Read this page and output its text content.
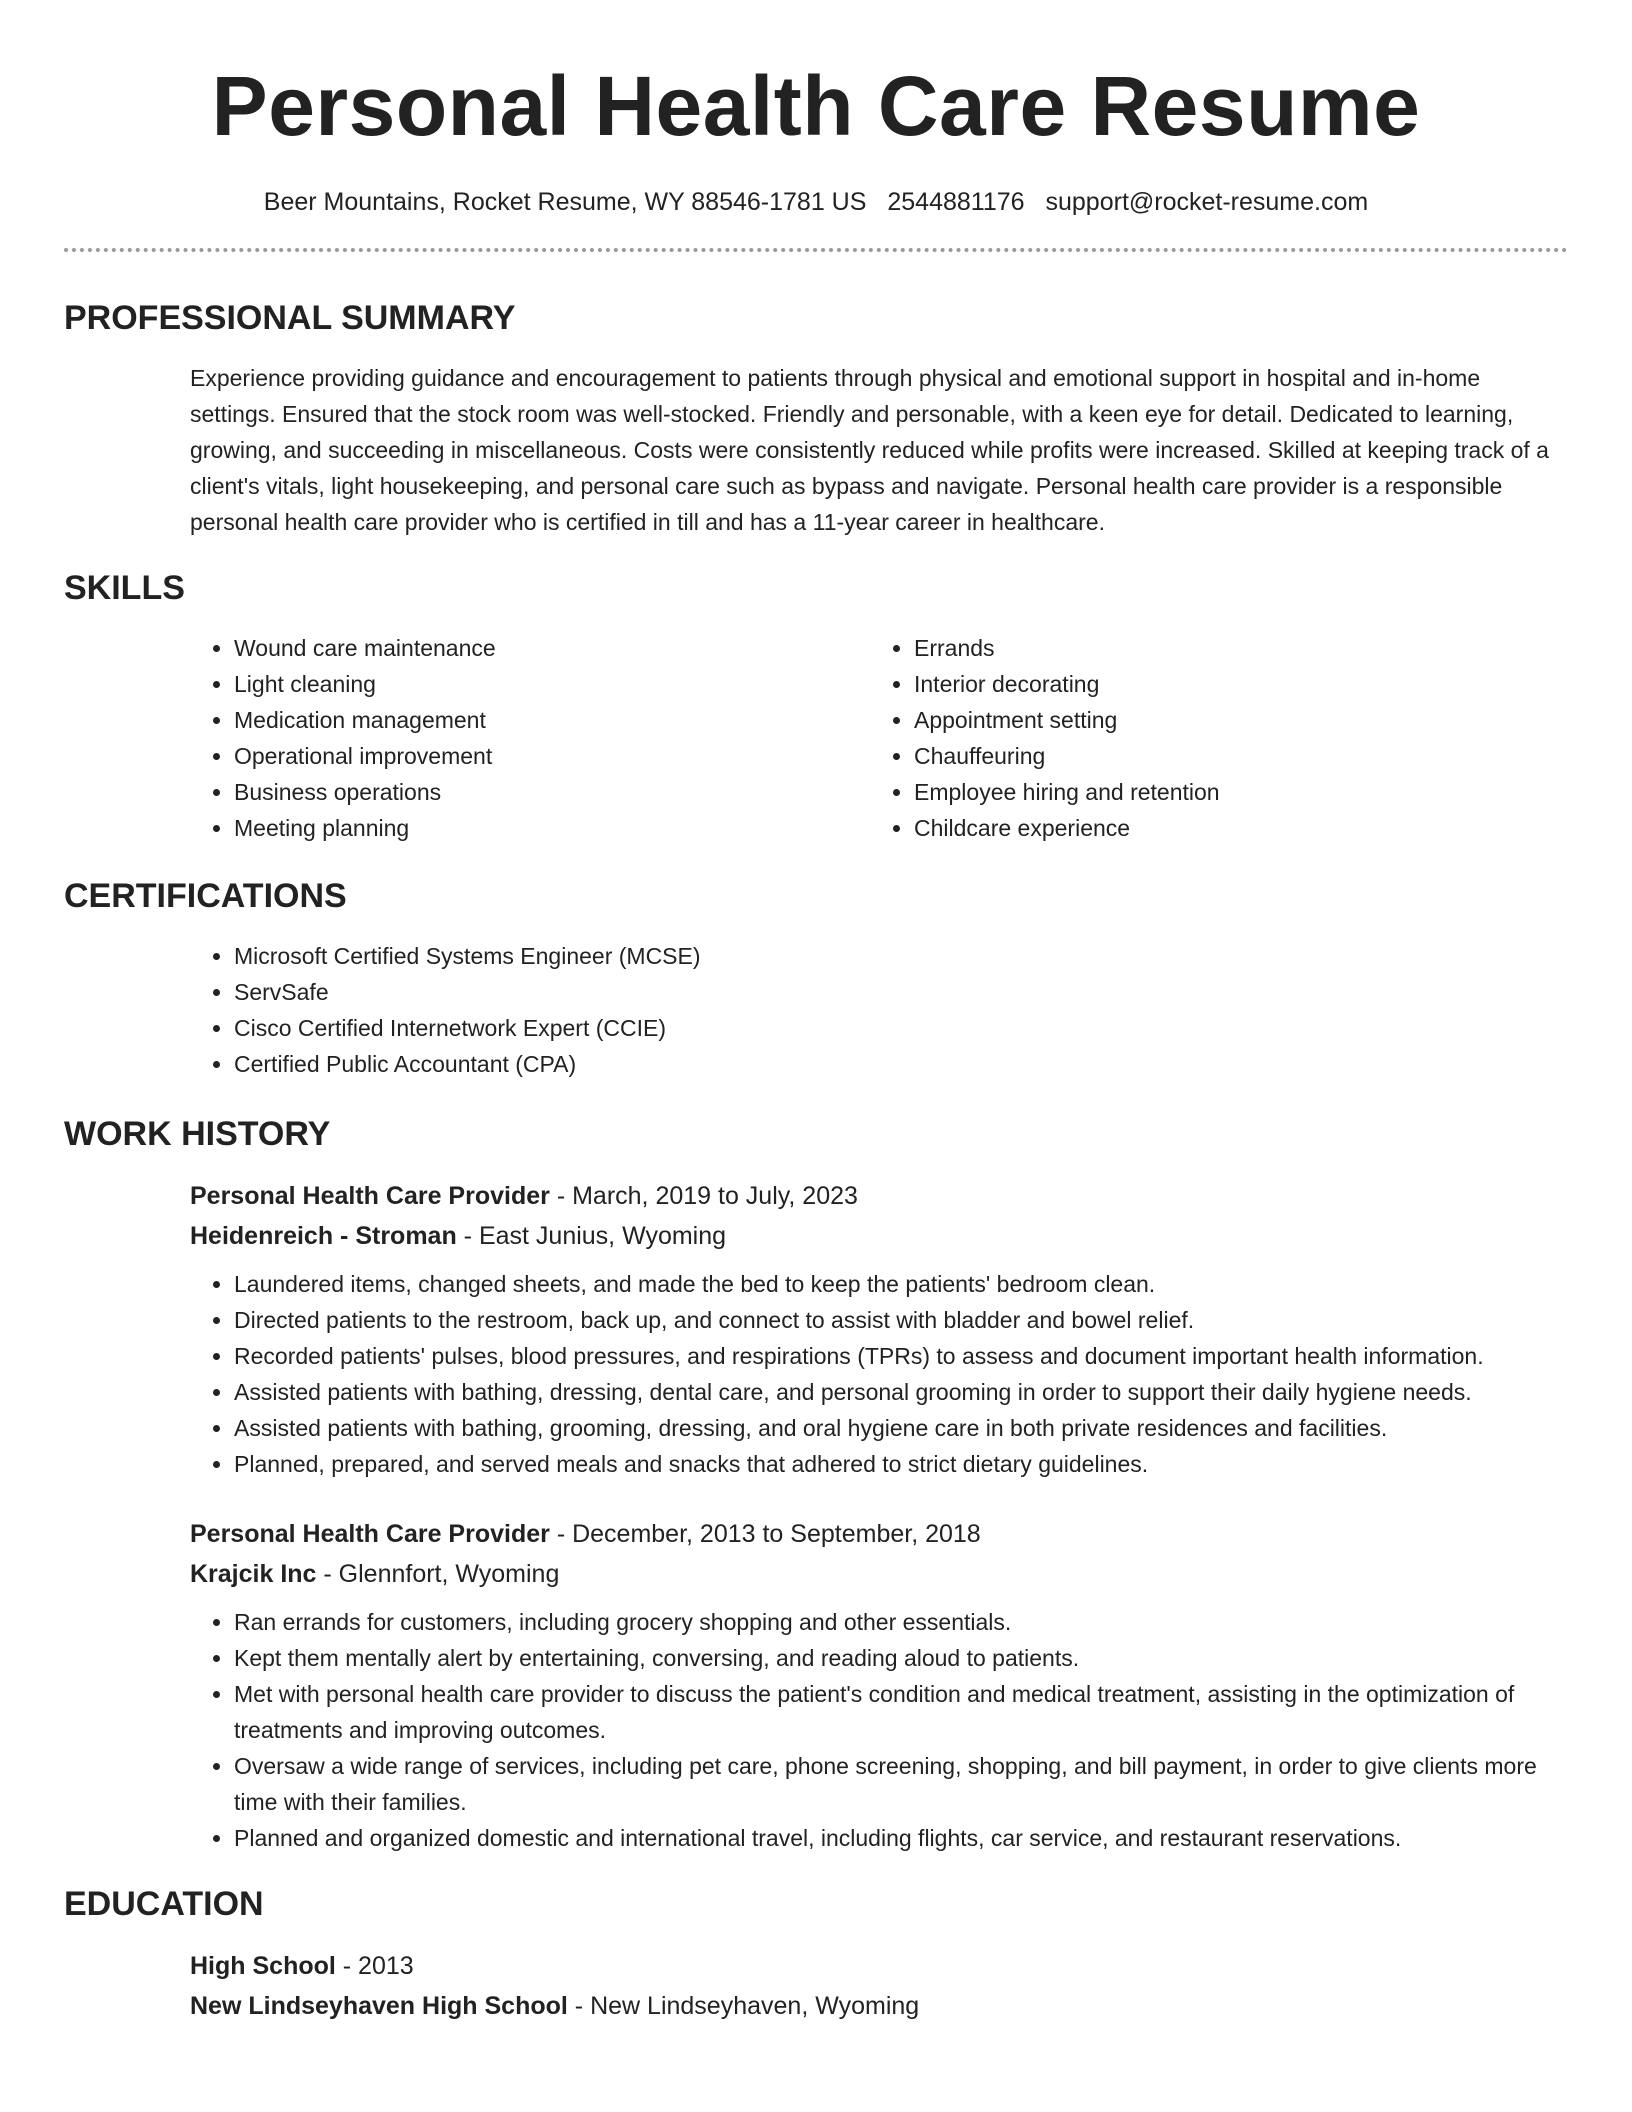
Personal Health Care Resume
Beer Mountains, Rocket Resume, WY 88546-1781 US 2544881176 support@rocket-resume.com
PROFESSIONAL SUMMARY

Experience providing guidance and encouragement to patients through physical and emotional support in hospital and in-home settings. Ensured that the stock room was well-stocked. Friendly and personable, with a keen eye for detail. Dedicated to learning, growing, and succeeding in miscellaneous. Costs were consistently reduced while profits were increased. Skilled at keeping track of a client's vitals, light housekeeping, and personal care such as bypass and navigate. Personal health care provider is a responsible personal health care provider who is certified in till and has a 11-year career in healthcare.

SKILLS
• Wound care maintenance
• Light cleaning
• Medication management
• Operational improvement
• Business operations
• Meeting planning
• Errands
• Interior decorating
• Appointment setting
• Chauffeuring
• Employee hiring and retention
• Childcare experience
CERTIFICATIONS
• Microsoft Certified Systems Engineer (MCSE)
• ServSafe
• Cisco Certified Internetwork Expert (CCIE)
• Certified Public Accountant (CPA)
WORK HISTORY
Personal Health Care Provider - March, 2019 to July, 2023
Heidenreich - Stroman - East Junius, Wyoming
• Laundered items, changed sheets, and made the bed to keep the patients' bedroom clean.
• Directed patients to the restroom, back up, and connect to assist with bladder and bowel relief.
• Recorded patients' pulses, blood pressures, and respirations (TPRs) to assess and document important health information.
• Assisted patients with bathing, dressing, dental care, and personal grooming in order to support their daily hygiene needs.
• Assisted patients with bathing, grooming, dressing, and oral hygiene care in both private residences and facilities.
• Planned, prepared, and served meals and snacks that adhered to strict dietary guidelines.
Personal Health Care Provider - December, 2013 to September, 2018
Krajcik Inc - Glennfort, Wyoming
• Ran errands for customers, including grocery shopping and other essentials.
• Kept them mentally alert by entertaining, conversing, and reading aloud to patients.
• Met with personal health care provider to discuss the patient's condition and medical treatment, assisting in the optimization of treatments and improving outcomes.
• Oversaw a wide range of services, including pet care, phone screening, shopping, and bill payment, in order to give clients more time with their families.
• Planned and organized domestic and international travel, including flights, car service, and restaurant reservations.
EDUCATION
High School - 2013
New Lindseyhaven High School - New Lindseyhaven, Wyoming
